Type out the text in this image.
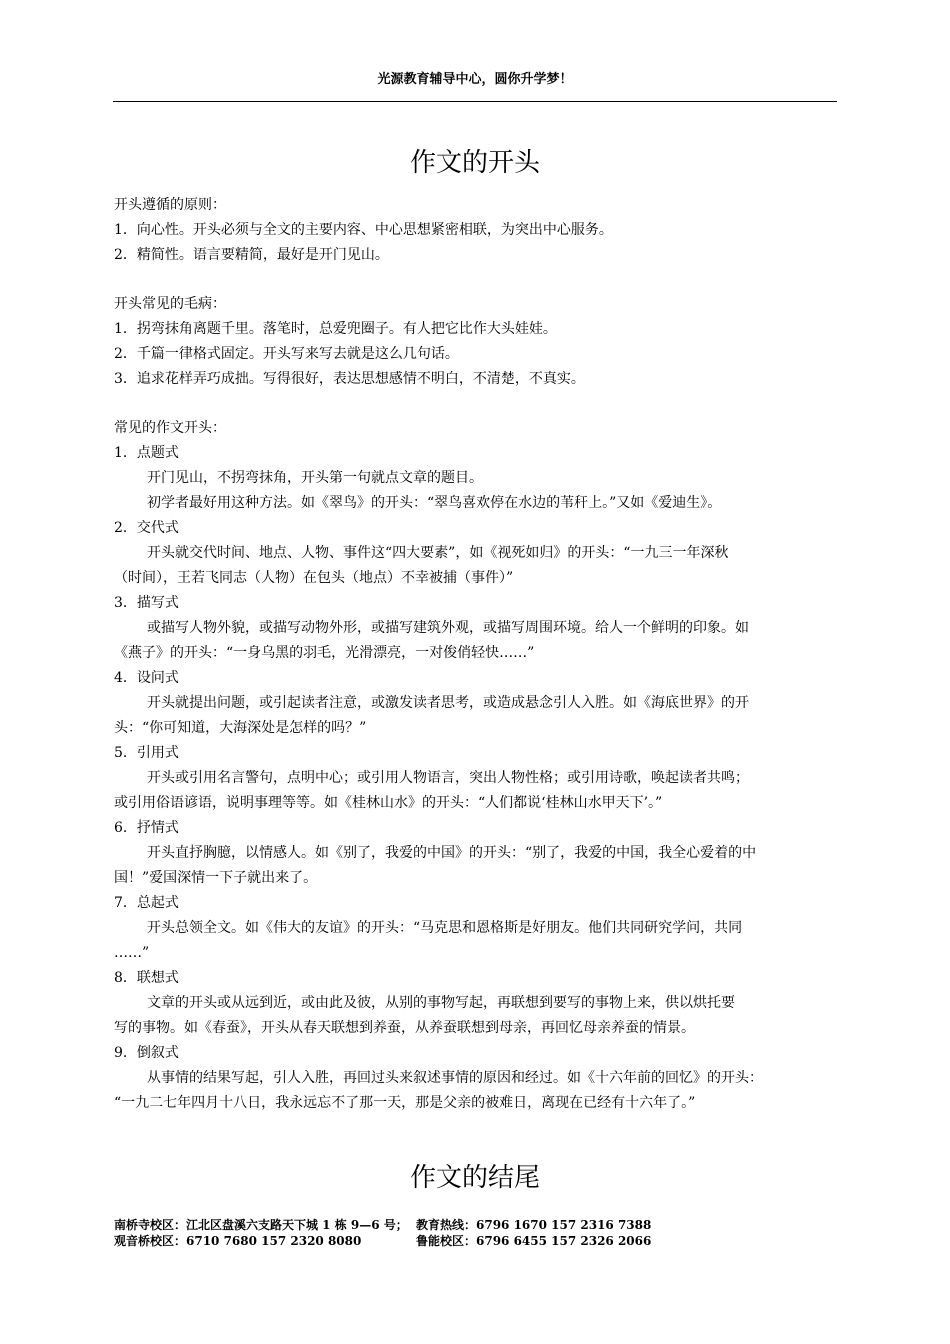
光源教育辅导中心，圆你升学梦！
作文的开头
开头遵循的原则：
1．向心性。开头必须与全文的主要内容、中心思想紧密相联，为突出中心服务。
2．精简性。语言要精简，最好是开门见山。
开头常见的毛病：
1．拐弯抹角离题千里。落笔时，总爱兜圈子。有人把它比作大头娃娃。
2．千篇一律格式固定。开头写来写去就是这么几句话。
3．追求花样弄巧成拙。写得很好，表达思想感情不明白，不清楚，不真实。
常见的作文开头：
1．点题式
开门见山，不拐弯抹角，开头第一句就点文章的题目。
初学者最好用这种方法。如《翠鸟》的开头：“翠鸟喜欢停在水边的苇秆上。”又如《爱迪生》。
2．交代式
开头就交代时间、地点、人物、事件这“四大要素”，如《视死如归》的开头：“一九三一年深秋
（时间），王若飞同志（人物）在包头（地点）不幸被捕（事件）”
3．描写式
或描写人物外貌，或描写动物外形，或描写建筑外观，或描写周围环境。给人一个鲜明的印象。如
《燕子》的开头：“一身乌黑的羽毛，光滑漂亮，一对俊俏轻快……”
4．设问式
开头就提出问题，或引起读者注意，或激发读者思考，或造成悬念引人入胜。如《海底世界》的开
头：“你可知道，大海深处是怎样的吗？”
5．引用式
开头或引用名言警句，点明中心；或引用人物语言，突出人物性格；或引用诗歌，唤起读者共鸣；
或引用俗语谚语，说明事理等等。如《桂林山水》的开头：“人们都说‘桂林山水甲天下’。”
6．抒情式
开头直抒胸臆，以情感人。如《别了，我爱的中国》的开头：“别了，我爱的中国，我全心爱着的中
国！”爱国深情一下子就出来了。
7．总起式
开头总领全文。如《伟大的友谊》的开头：“马克思和恩格斯是好朋友。他们共同研究学问，共同
……”
8．联想式
文章的开头或从远到近，或由此及彼，从别的事物写起，再联想到要写的事物上来，供以烘托要
写的事物。如《春蚕》，开头从春天联想到养蚕，从养蚕联想到母亲，再回忆母亲养蚕的情景。
9．倒叙式
从事情的结果写起，引人入胜，再回过头来叙述事情的原因和经过。如《十六年前的回忆》的开头：
“一九二七年四月十八日，我永远忘不了那一天，那是父亲的被难日，离现在已经有十六年了。”
作文的结尾
南桥寺校区：江北区盘溪六支路天下城 1 栋 9—6 号； 教育热线：6796 1670 157 2316 7388
观音桥校区：6710 7680 157 2320 8080	鲁能校区：6796 6455 157 2326 2066
